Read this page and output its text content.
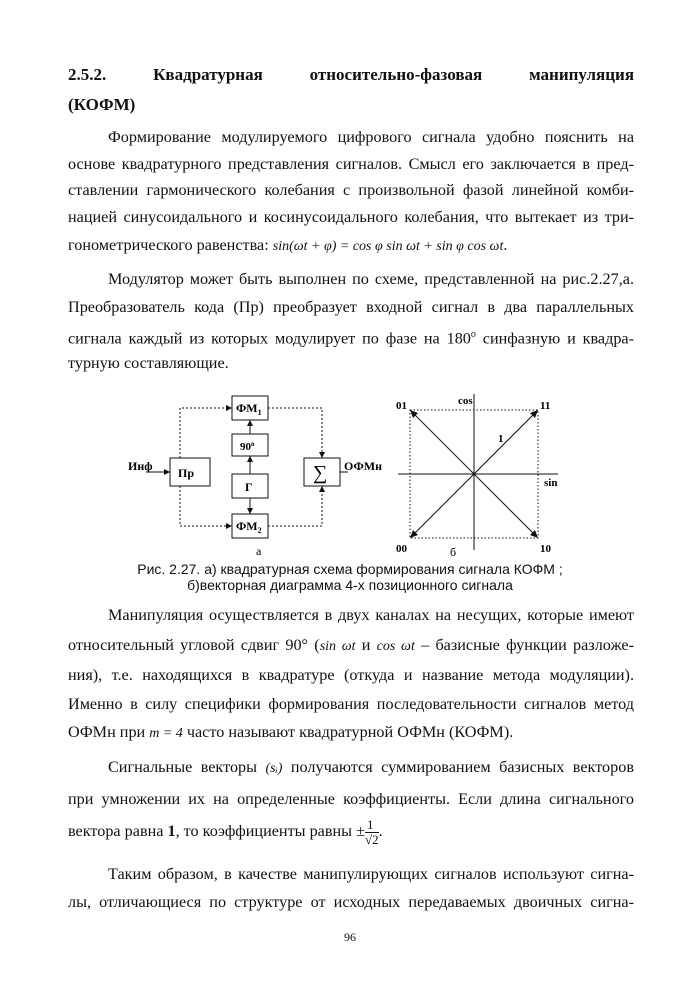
2.5.2.	Квадратурная	относительно-фазовая	манипуляция
(КОФМ)
Формирование модулируемого цифрового сигнала удобно пояснить на
основе квадратурного представления сигналов. Смысл его заключается в пред-
ставлении гармонического колебания с произвольной фазой линейной комби-
нацией синусоидального и косинусоидального колебания, что вытекает из три-
гонометрического равенства: sin(ωt + φ) = cos φ sin ωt + sin φ cos ωt.
Модулятор может быть выполнен по схеме, представленной на рис.2.27,а.
Преобразователь кода (Пр) преобразует входной сигнал в два параллельных
сигнала каждый из которых модулирует по фазе на $180^о$ синфазную и квадра-
турную составляющие.
Инф Пр
$ФМ_1$
$90^о$
Г
$ФМ_2$
∑ ОФМн
а
cos
sin
01	11
00	10
1
б
Рис. 2.27. а) квадратурная схема формирования сигнала КОФМ ;
б)векторная диаграмма 4-х позиционного сигнала
Манипуляция осуществляется в двух каналах на несущих, которые имеют
относительный угловой сдвиг 90° (sin ωt и cos ωt – базисные функции разложе-
ния), т.е. находящихся в квадратуре (откуда и название метода модуляции).
Именно в силу специфики формирования последовательности сигналов метод
ОФМн при m = 4 часто называют квадратурной ОФМн (КОФМ).
Сигнальные векторы (sᵢ) получаются суммированием базисных векторов
при умножении их на определенные коэффициенты. Если длина сигнального
вектора равна 1, то коэффициенты равны ± $\frac{1}{√2}$ .
Таким образом, в качестве манипулирующих сигналов используют сигна-
лы, отличающиеся по структуре от исходных передаваемых двоичных сигна-
96
